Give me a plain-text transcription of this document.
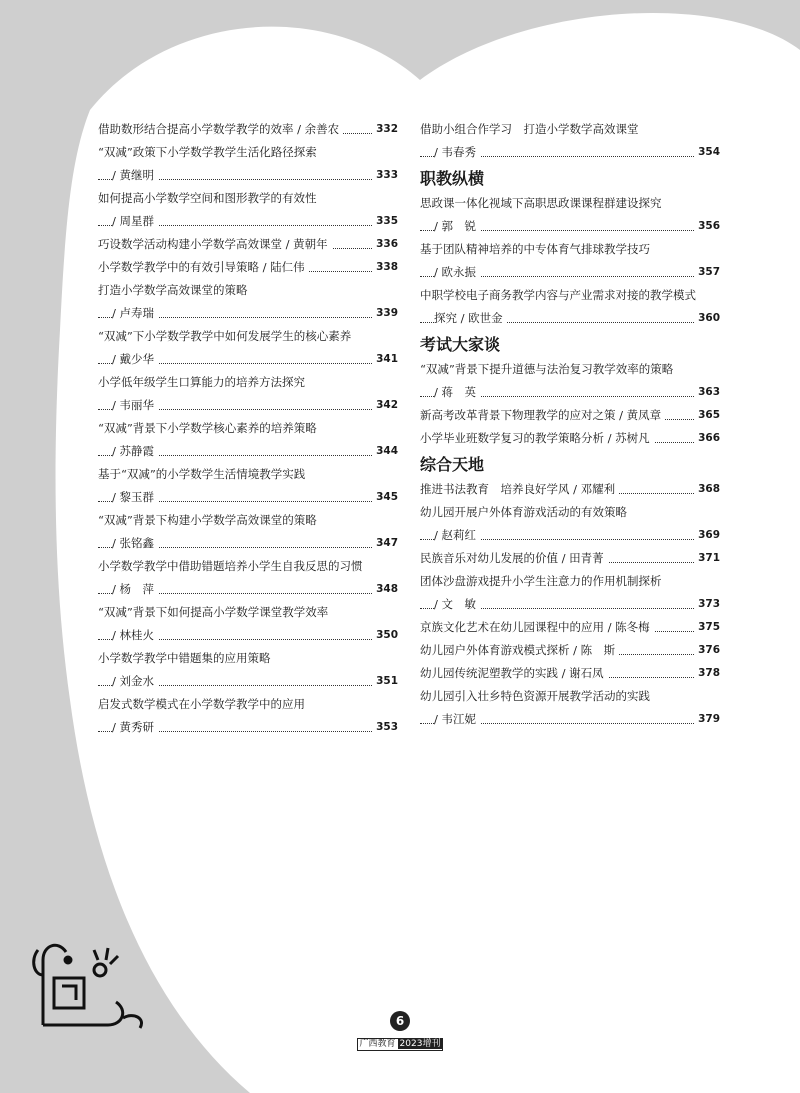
借助数形结合提高小学数学教学的效率 / 余善农	332
“双减”政策下小学数学教学生活化路径探索
/ 黄继明	333
如何提高小学数学空间和图形教学的有效性
/ 周星群	335
巧设数学活动构建小学数学高效课堂 / 黄朝年	336
小学数学教学中的有效引导策略 / 陆仁伟	338
打造小学数学高效课堂的策略
/ 卢寿瑞	339
“双减”下小学数学教学中如何发展学生的核心素养
/ 戴少华	341
小学低年级学生口算能力的培养方法探究
/ 韦丽华	342
“双减”背景下小学数学核心素养的培养策略
/ 苏静霞	344
基于“双减”的小学数学生活情境教学实践
/ 黎玉群	345
“双减”背景下构建小学数学高效课堂的策略
/ 张铭鑫	347
小学数学教学中借助错题培养小学生自我反思的习惯
/ 杨　萍	348
“双减”背景下如何提高小学数学课堂教学效率
/ 林桂火	350
小学数学教学中错题集的应用策略
/ 刘金水	351
启发式数学模式在小学数学教学中的应用
/ 黄秀研	353
借助小组合作学习　打造小学数学高效课堂
/ 韦春秀	354
职教纵横
思政课一体化视域下高职思政课课程群建设探究
/ 郭　锐	356
基于团队精神培养的中专体育气排球教学技巧
/ 欧永振	357
中职学校电子商务教学内容与产业需求对接的教学模式
探究 / 欧世金	360
考试大家谈
“双减”背景下提升道德与法治复习教学效率的策略
/ 蒋　英	363
新高考改革背景下物理教学的应对之策 / 黄凤章	365
小学毕业班数学复习的教学策略分析 / 苏树凡	366
综合天地
推进书法教育　培养良好学风 / 邓耀利	368
幼儿园开展户外体育游戏活动的有效策略
/ 赵莉红	369
民族音乐对幼儿发展的价值 / 田青菁	371
团体沙盘游戏提升小学生注意力的作用机制探析
/ 文　敏	373
京族文化艺术在幼儿园课程中的应用 / 陈冬梅	375
幼儿园户外体育游戏模式探析 / 陈　斯	376
幼儿园传统泥塑教学的实践 / 谢石凤	378
幼儿园引入壮乡特色资源开展教学活动的实践
/ 韦江妮	379
6
广西教育 2023增刊
